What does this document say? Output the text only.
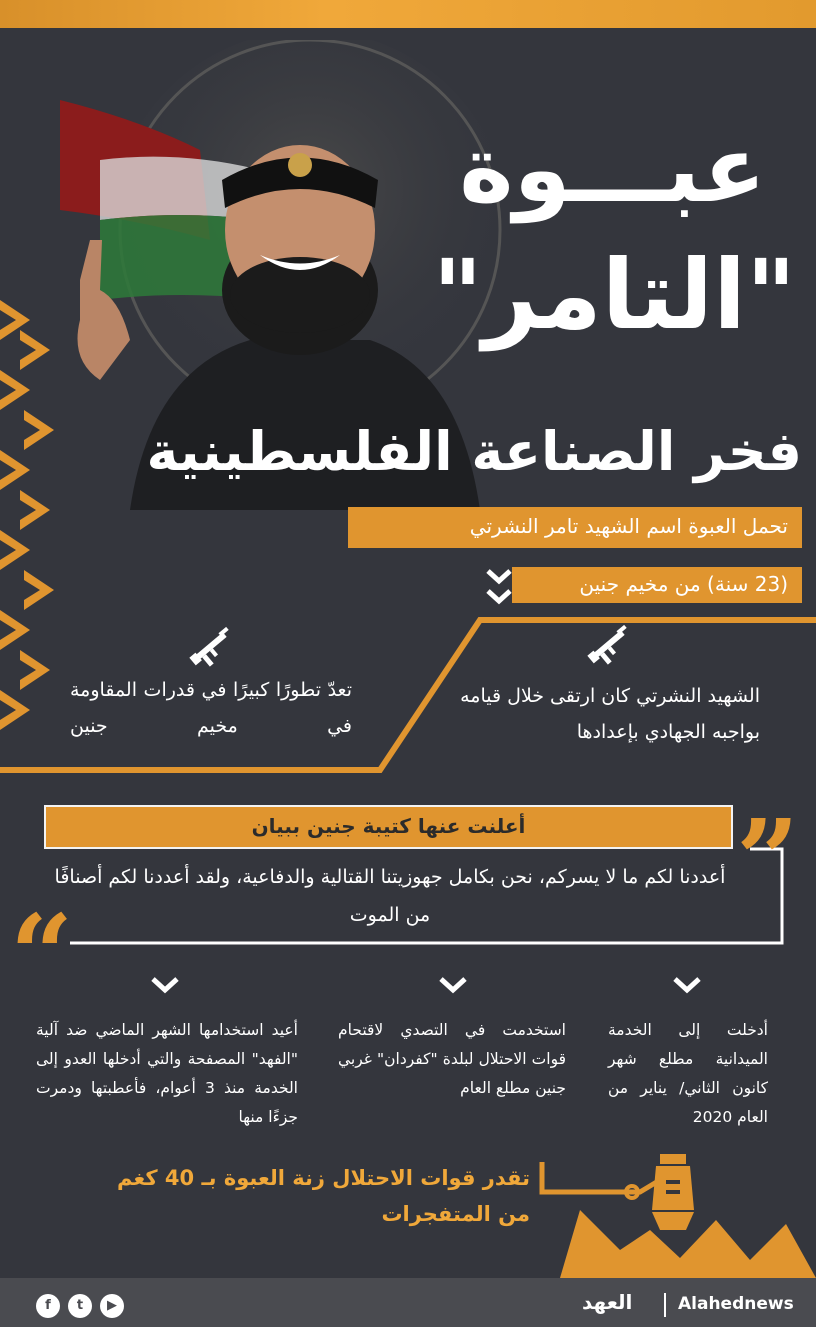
عبـــوة
"التامر"
فخر الصناعة الفلسطينية
تحمل العبوة اسم الشهيد تامر النشرتي
(23 سنة) من مخيم جنين
تعدّ تطورًا كبيرًا في قدرات المقاومة في مخيم جنين
الشهيد النشرتي كان ارتقى خلال قيامه بواجبه الجهادي بإعدادها
أعلنت عنها كتيبة جنين ببيان	”
“
أعددنا لكم ما لا يسركم، نحن بكامل جهوزيتنا القتالية والدفاعية، ولقد أعددنا لكم أصنافًا من الموت
أعيد استخدامها الشهر الماضي ضد آلية "الفهد" المصفحة والتي أدخلها العدو إلى الخدمة منذ 3 أعوام، فأعطبتها ودمرت جزءًا منها
استخدمت في التصدي لاقتحام قوات الاحتلال لبلدة "كفردان" غربي جنين مطلع العام
أدخلت إلى الخدمة الميدانية مطلع شهر كانون الثاني/ يناير من العام 2020
تقدر قوات الاحتلال زنة العبوة بـ 40 كغم من المتفجرات
f	t	▶	العهد	Alahednews
